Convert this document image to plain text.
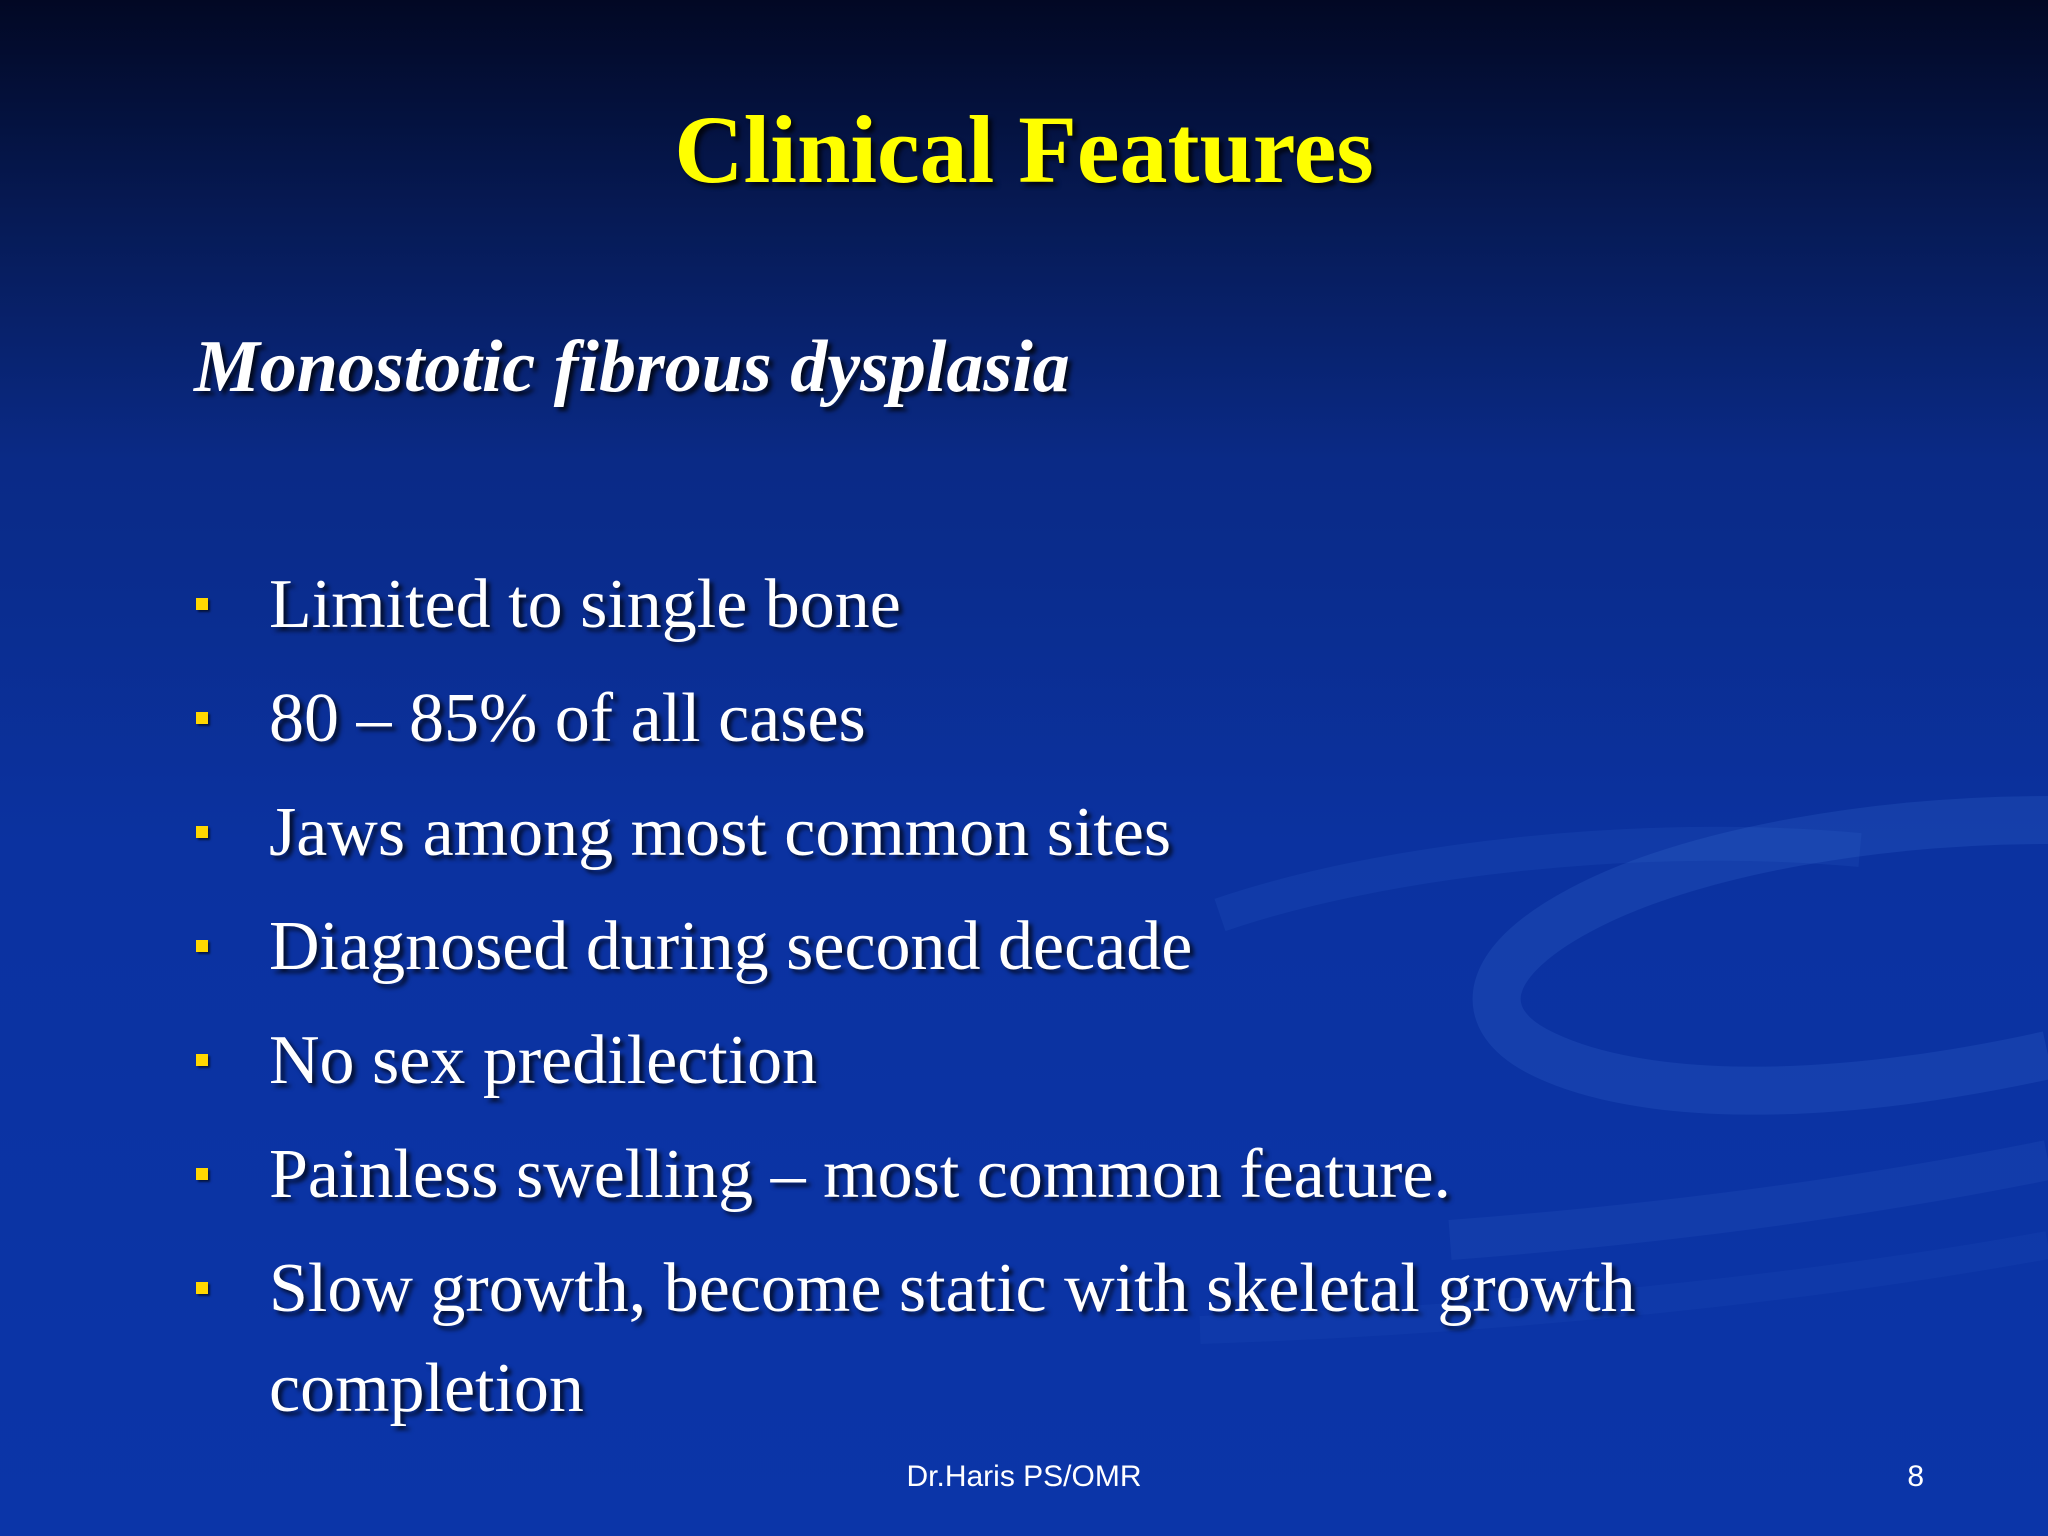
Clinical Features
Monostotic fibrous dysplasia
Limited to single bone
80 – 85% of all cases
Jaws among most common sites
Diagnosed during second decade
No sex predilection
Painless swelling – most common feature.
Slow growth, become static with skeletal growth completion
Dr.Haris PS/OMR	8
